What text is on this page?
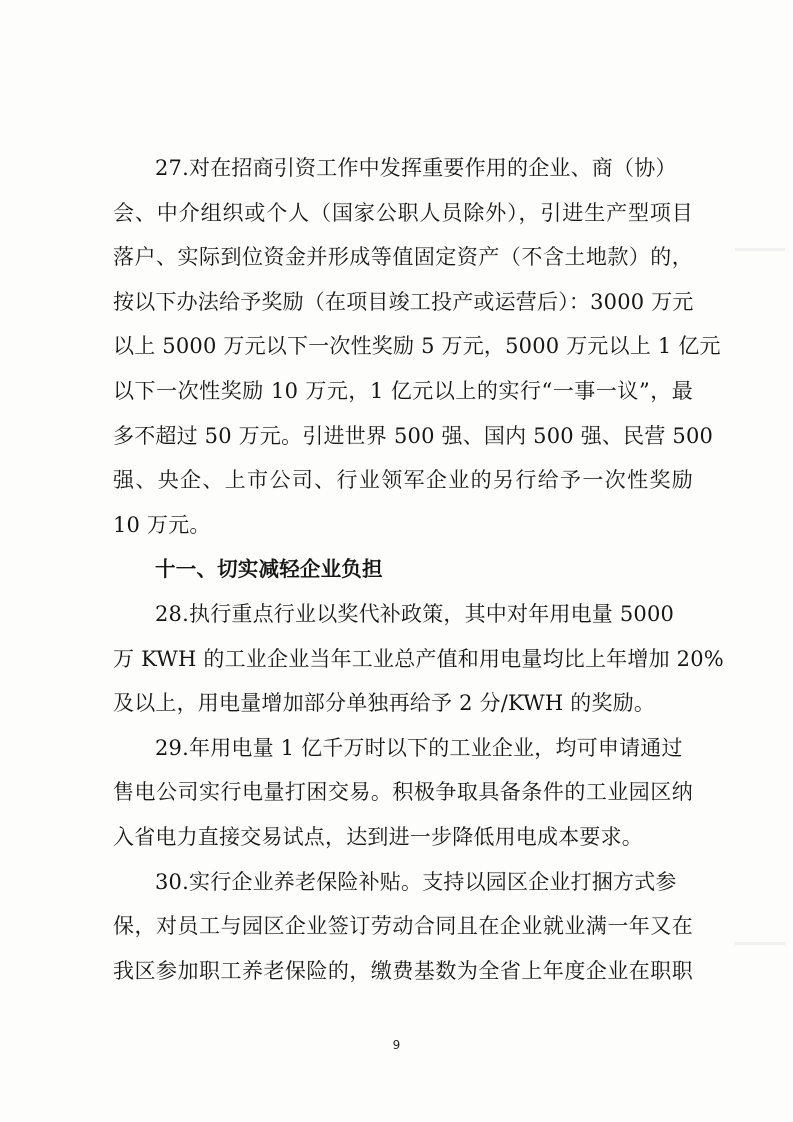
27.对在招商引资工作中发挥重要作用的企业、商（协）
会、中介组织或个人（国家公职人员除外），引进生产型项目
落户、实际到位资金并形成等值固定资产（不含土地款）的，
按以下办法给予奖励（在项目竣工投产或运营后）：3000 万元
以上 5000 万元以下一次性奖励 5 万元，5000 万元以上 1 亿元
以下一次性奖励 10 万元，1 亿元以上的实行“一事一议”，最
多不超过 50 万元。引进世界 500 强、国内 500 强、民营 500
强、央企、上市公司、行业领军企业的另行给予一次性奖励
10 万元。
十一、切实减轻企业负担
28.执行重点行业以奖代补政策，其中对年用电量 5000
万 KWH 的工业企业当年工业总产值和用电量均比上年增加 20%
及以上，用电量增加部分单独再给予 2 分/KWH 的奖励。
29.年用电量 1 亿千万时以下的工业企业，均可申请通过
售电公司实行电量打困交易。积极争取具备条件的工业园区纳
入省电力直接交易试点，达到进一步降低用电成本要求。
30.实行企业养老保险补贴。支持以园区企业打捆方式参
保，对员工与园区企业签订劳动合同且在企业就业满一年又在
我区参加职工养老保险的，缴费基数为全省上年度企业在职职
9
